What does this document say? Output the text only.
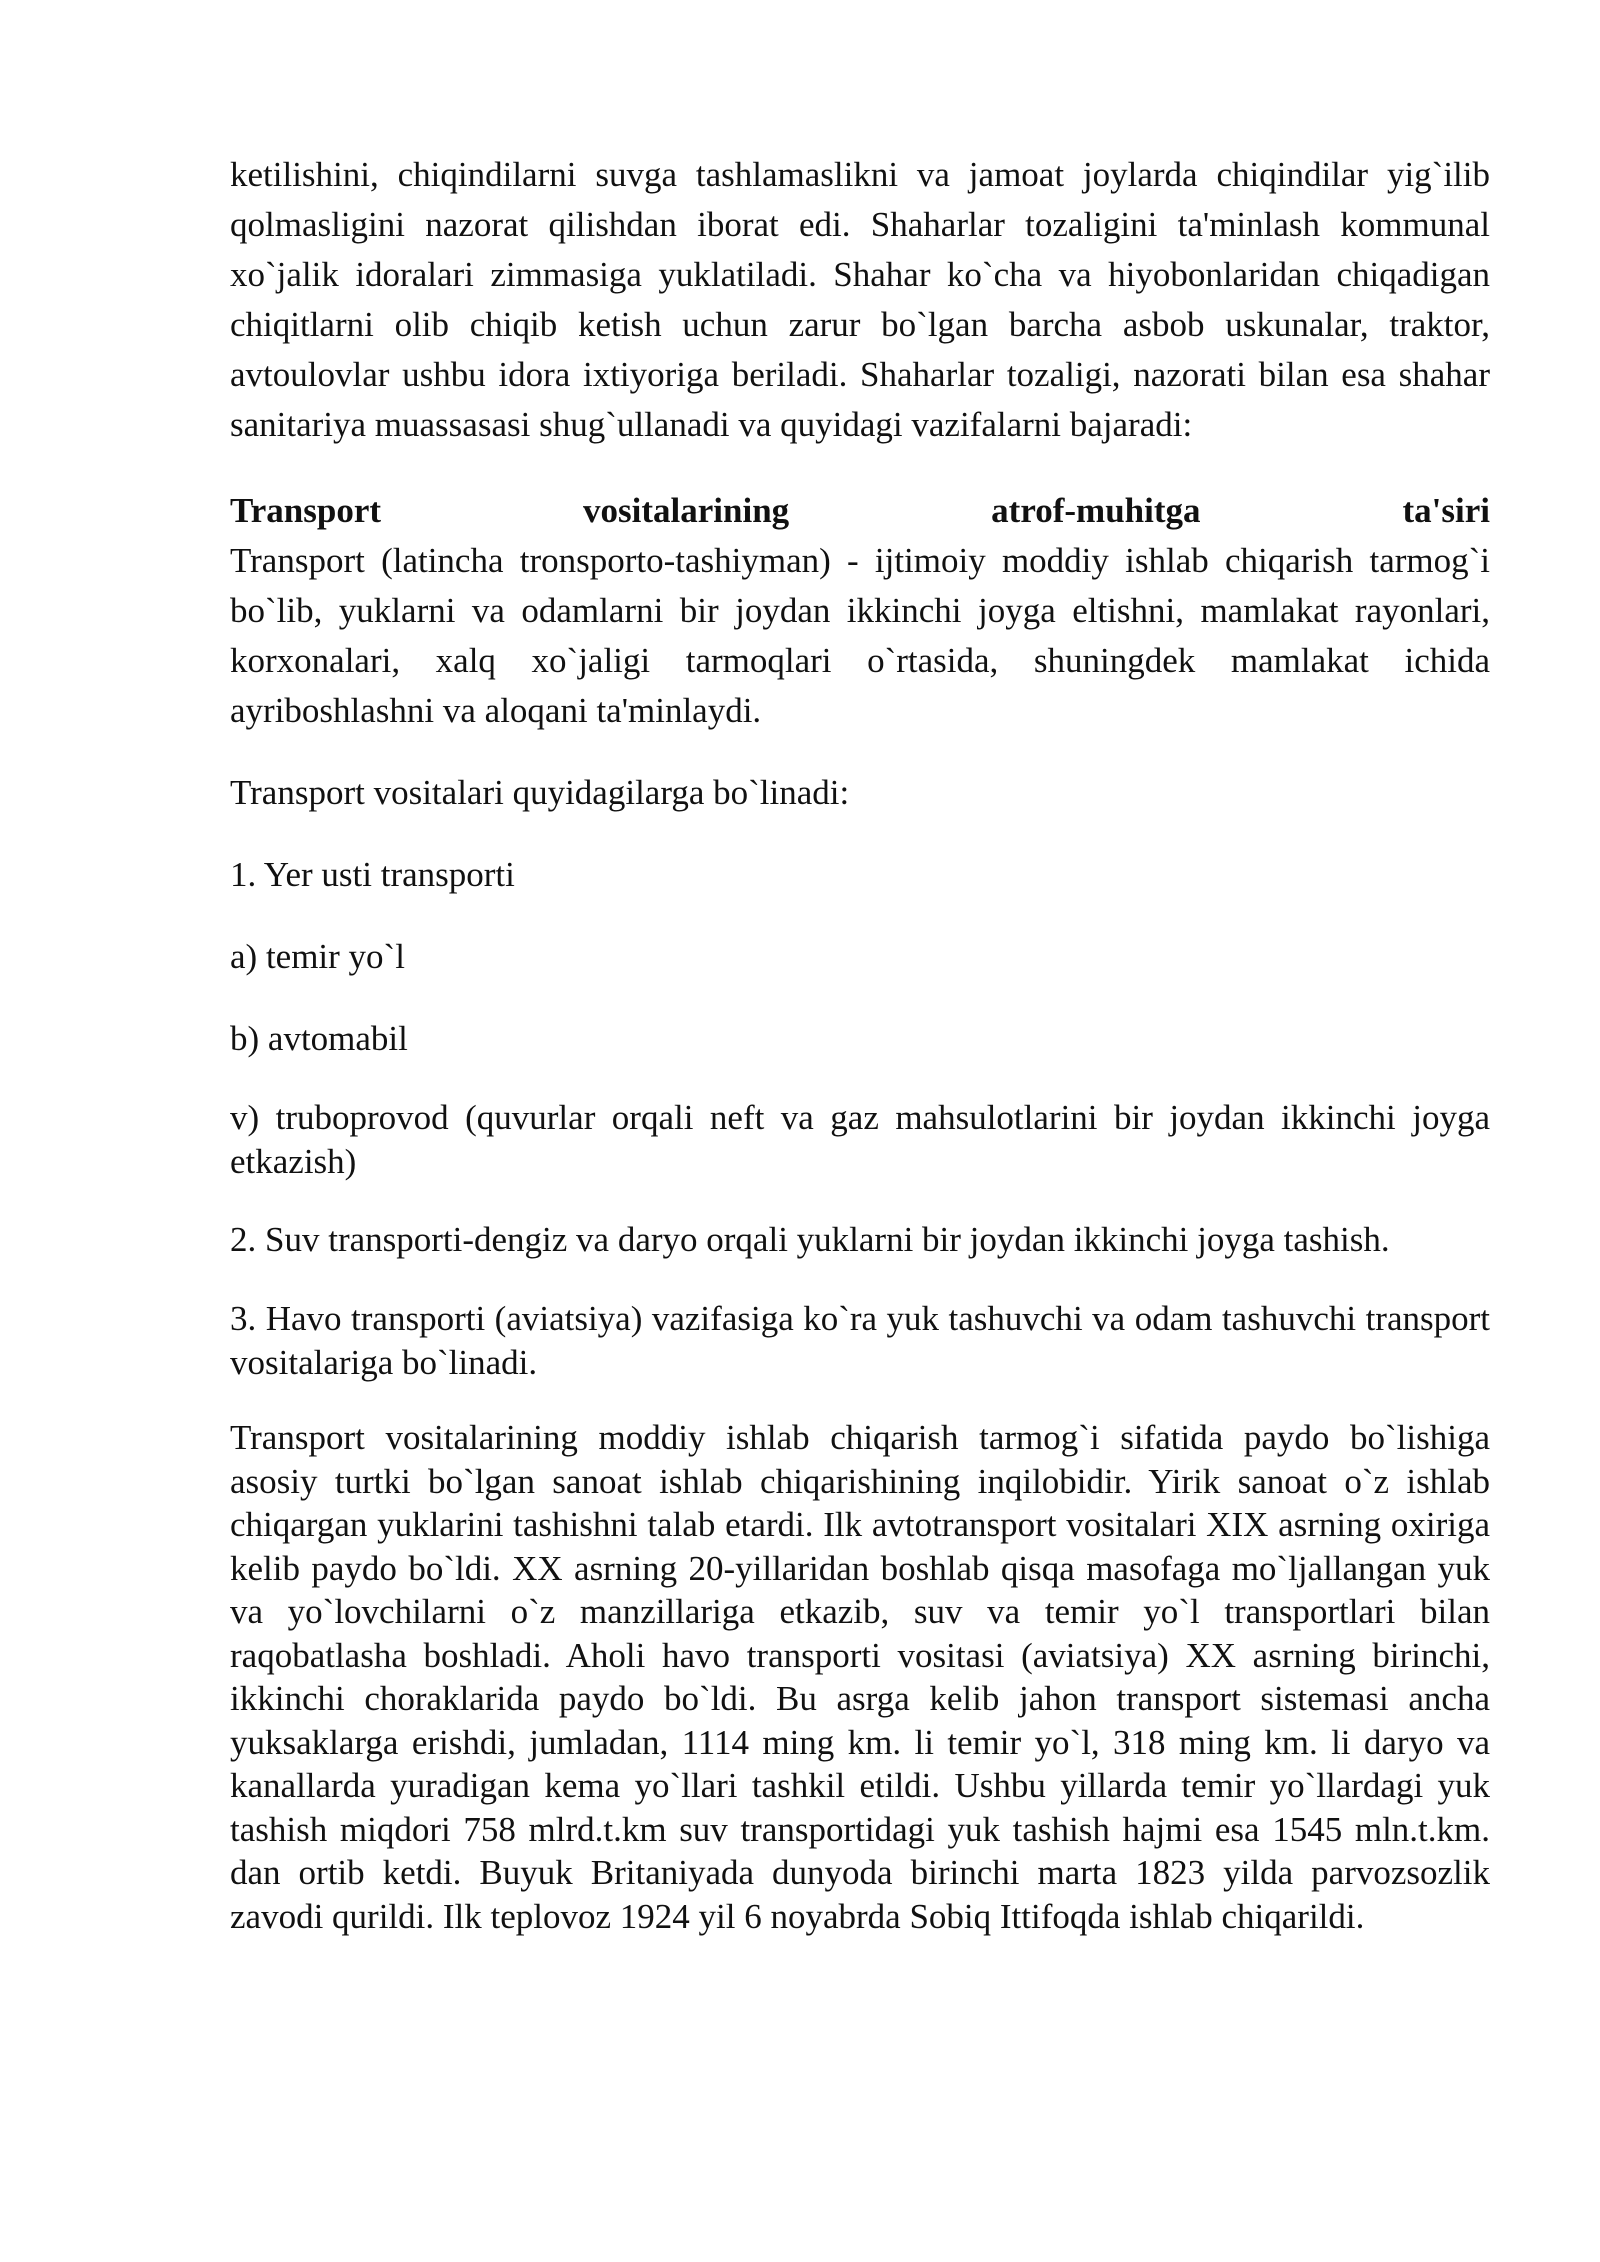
ketilishini, chiqindilarni suvga tashlamaslikni va jamoat joylarda chiqindilar yig`ilib qolmasligini nazorat qilishdan iborat edi. Shaharlar tozaligini ta'minlash kommunal xo`jalik idoralari zimmasiga yuklatiladi. Shahar ko`cha va hiyobonlaridan chiqadigan chiqitlarni olib chiqib ketish uchun zarur bo`lgan barcha asbob uskunalar, traktor, avtoulovlar ushbu idora ixtiyoriga beriladi. Shaharlar tozaligi, nazorati bilan esa shahar sanitariya muassasasi shug`ullanadi va quyidagi vazifalarni bajaradi:

Transport vositalarining atrof-muhitga ta'siri

Transport (latincha tronsporto-tashiyman) - ijtimoiy moddiy ishlab chiqarish tarmog`i bo`lib, yuklarni va odamlarni bir joydan ikkinchi joyga eltishni, mamlakat rayonlari, korxonalari, xalq xo`jaligi tarmoqlari o`rtasida, shuningdek mamlakat ichida ayriboshlashni va aloqani ta'minlaydi.

Transport vositalari quyidagilarga bo`linadi:

1. Yer usti transporti

a) temir yo`l

b) avtomabil

v) truboprovod (quvurlar orqali neft va gaz mahsulotlarini bir joydan ikkinchi joyga etkazish)

2. Suv transporti-dengiz va daryo orqali yuklarni bir joydan ikkinchi joyga tashish.

3. Havo transporti (aviatsiya) vazifasiga ko`ra yuk tashuvchi va odam tashuvchi transport vositalariga bo`linadi.

Transport vositalarining moddiy ishlab chiqarish tarmog`i sifatida paydo bo`lishiga asosiy turtki bo`lgan sanoat ishlab chiqarishining inqilobidir. Yirik sanoat o`z ishlab chiqargan yuklarini tashishni talab etardi. Ilk avtotransport vositalari XIX asrning oxiriga kelib paydo bo`ldi. XX asrning 20-yillaridan boshlab qisqa masofaga mo`ljallangan yuk va yo`lovchilarni o`z manzillariga etkazib, suv va temir yo`l transportlari bilan raqobatlasha boshladi. Aholi havo transporti vositasi (aviatsiya) XX asrning birinchi, ikkinchi choraklarida paydo bo`ldi. Bu asrga kelib jahon transport sistemasi ancha yuksaklarga erishdi, jumladan, 1114 ming km. li temir yo`l, 318 ming km. li daryo va kanallarda yuradigan kema yo`llari tashkil etildi. Ushbu yillarda temir yo`llardagi yuk tashish miqdori 758 mlrd.t.km suv transportidagi yuk tashish hajmi esa 1545 mln.t.km. dan ortib ketdi. Buyuk Britaniyada dunyoda birinchi marta 1823 yilda parvozsozlik zavodi qurildi. Ilk teplovoz 1924 yil 6 noyabrda Sobiq Ittifoqda ishlab chiqarildi.
